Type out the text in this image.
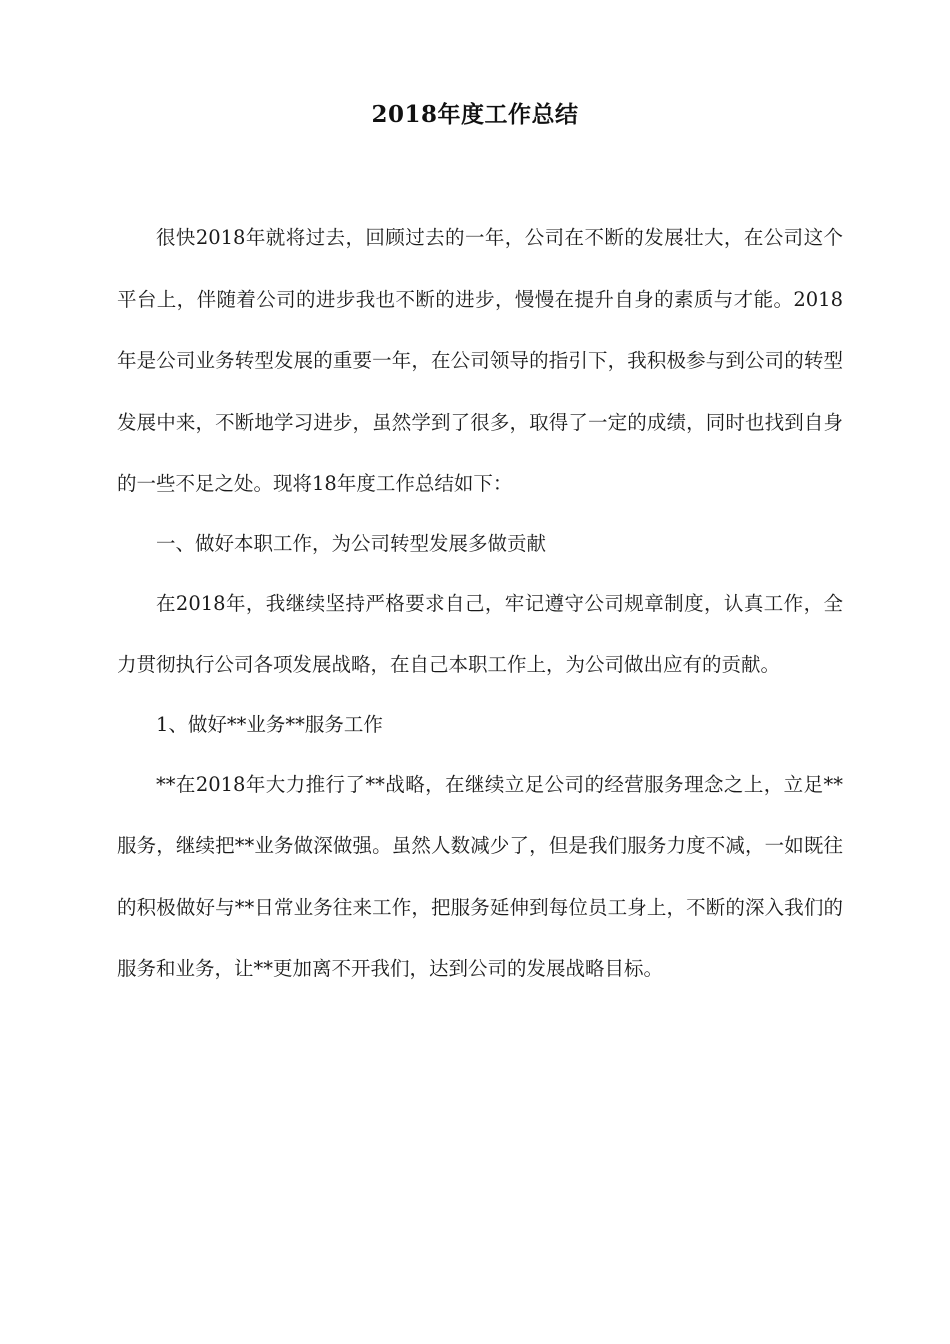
2018年度工作总结

很快2018年就将过去，回顾过去的一年，公司在不断的发展壮大，在公司这个平台上，伴随着公司的进步我也不断的进步，慢慢在提升自身的素质与才能。2018年是公司业务转型发展的重要一年，在公司领导的指引下，我积极参与到公司的转型发展中来，不断地学习进步，虽然学到了很多，取得了一定的成绩，同时也找到自身的一些不足之处。现将18年度工作总结如下：

一、做好本职工作，为公司转型发展多做贡献

在2018年，我继续坚持严格要求自己，牢记遵守公司规章制度，认真工作，全力贯彻执行公司各项发展战略，在自己本职工作上，为公司做出应有的贡献。

1、做好**业务**服务工作

**在2018年大力推行了**战略，在继续立足公司的经营服务理念之上，立足**服务，继续把**业务做深做强。虽然人数减少了，但是我们服务力度不减，一如既往的积极做好与**日常业务往来工作，把服务延伸到每位员工身上，不断的深入我们的服务和业务，让**更加离不开我们，达到公司的发展战略目标。
